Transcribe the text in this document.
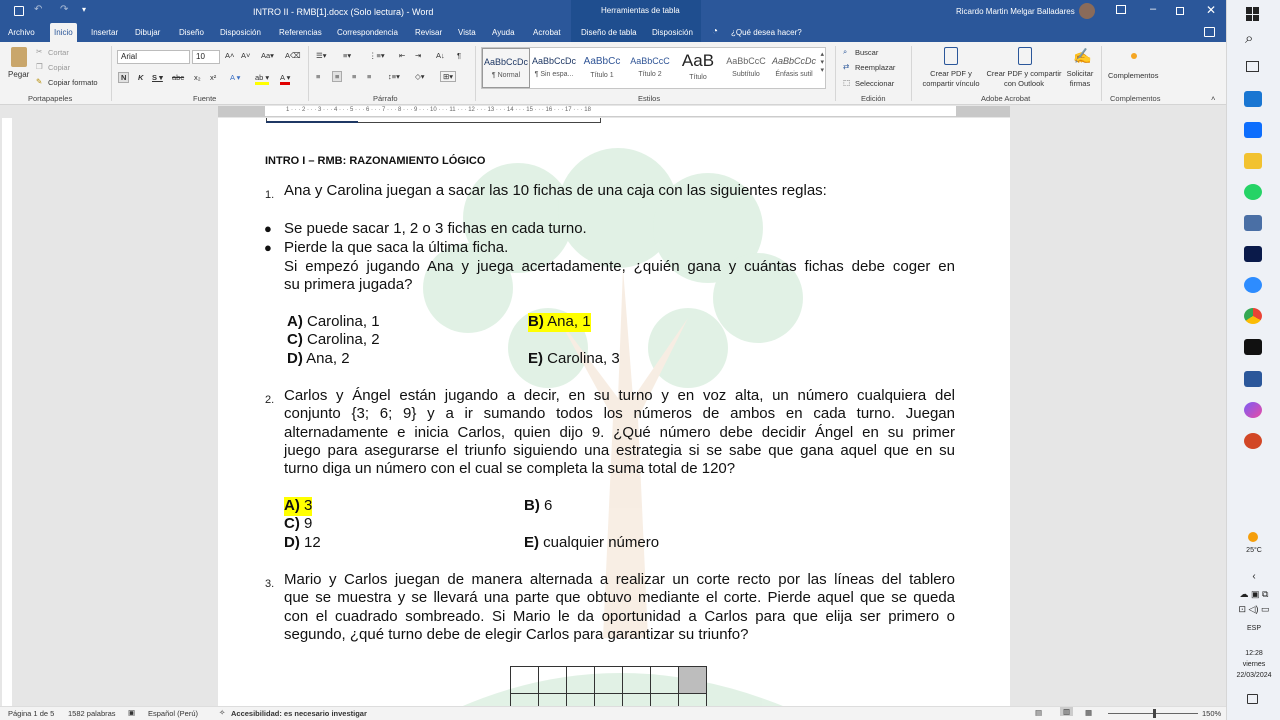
↶ ↷ ▾	INTRO II - RMB[1].docx (Solo lectura) - Word	Herramientas de tabla	Ricardo Martin Melgar Balladares	–	✕
Archivo	Inicio	Insertar	Dibujar	Diseño	Disposición	Referencias	Correspondencia	Revisar	Vista	Ayuda	Acrobat	Diseño de tabla	Disposición	◔	¿Qué desea hacer?
Pegar
✂ Cortar
❐ Copiar
✎ Copiar formato
Portapapeles
Arial	10	A˄ A˅ Aa▾ A⌫
N	K S ▾ abc x₂ x² A ▾ ab ▾ A ▾
Fuente
☰▾ ≡▾ ⋮≡▾ ⇤ ⇥ A↓ ¶
≡	≡	≡ ≡ ↕≡▾ ◇▾	⊞▾
Párrafo
AaBbCcDc
¶ Normal
AaBbCcDc
¶ Sin espa...
AaBbCc
Título 1
AaBbCcC
Título 2
AaB
Título
AaBbCcC
Subtítulo
AaBbCcDc
Énfasis sutil
▴
▾
▾
Estilos
⌕ Buscar
⇄ Reemplazar
⬚ Seleccionar
Edición
Crear PDF y compartir vínculo
Crear PDF y compartir con Outlook
✍
Solicitar firmas
Adobe Acrobat
Complementos
Complementos	˄
1 · · · 2 · · · 3 · · · 4 · · · 5 · · · 6 · · · 7 · · · 8 · · · 9 · · · 10 · · · 11 · · · 12 · · · 13 · · · 14 · · · 15 · · · 16 · · · 17 · · · 18
INTRO I – RMB: RAZONAMIENTO LÓGICO
1. Ana y Carolina juegan a sacar las 10 fichas de una caja con las siguientes reglas:
● Se puede sacar 1, 2 o 3 fichas en cada turno.
● Pierde la que saca la última ficha.
Si empezó jugando Ana y juega acertadamente, ¿quién gana y cuántas fichas debe coger en
su primera jugada?
A) Carolina, 1	B) Ana, 1
C) Carolina, 2
D) Ana, 2	E) Carolina, 3
2. Carlos y Ángel están jugando a decir, en su turno y en voz alta, un número cualquiera del
conjunto {3; 6; 9} y a ir sumando todos los números de ambos en cada turno. Juegan
alternadamente e inicia Carlos, quien dijo 9. ¿Qué número debe decidir Ángel en su primer
juego para asegurarse el triunfo siguiendo una estrategia si se sabe que gana aquel que en su
turno diga un número con el cual se completa la suma total de 120?
A) 3	B) 6
C) 9
D) 12	E) cualquier número
3. Mario y Carlos juegan de manera alternada a realizar un corte recto por las líneas del tablero
que se muestra y se llevará una parte que obtuvo mediante el corte. Pierde aquel que se queda
con el cuadrado sombreado. Si Mario le da oportunidad a Carlos para que elija ser primero o
segundo, ¿qué turno debe de elegir Carlos para garantizar su triunfo?

Página 1 de 5 1582 palabras ▣ Español (Perú)	✧ Accesibilidad: es necesario investigar	▤	▥	▦	150%
⌕
25°C
‹
☁ ▣ ⧉
⊡ ◁) ▭
ESP
12:28
viernes
22/03/2024
